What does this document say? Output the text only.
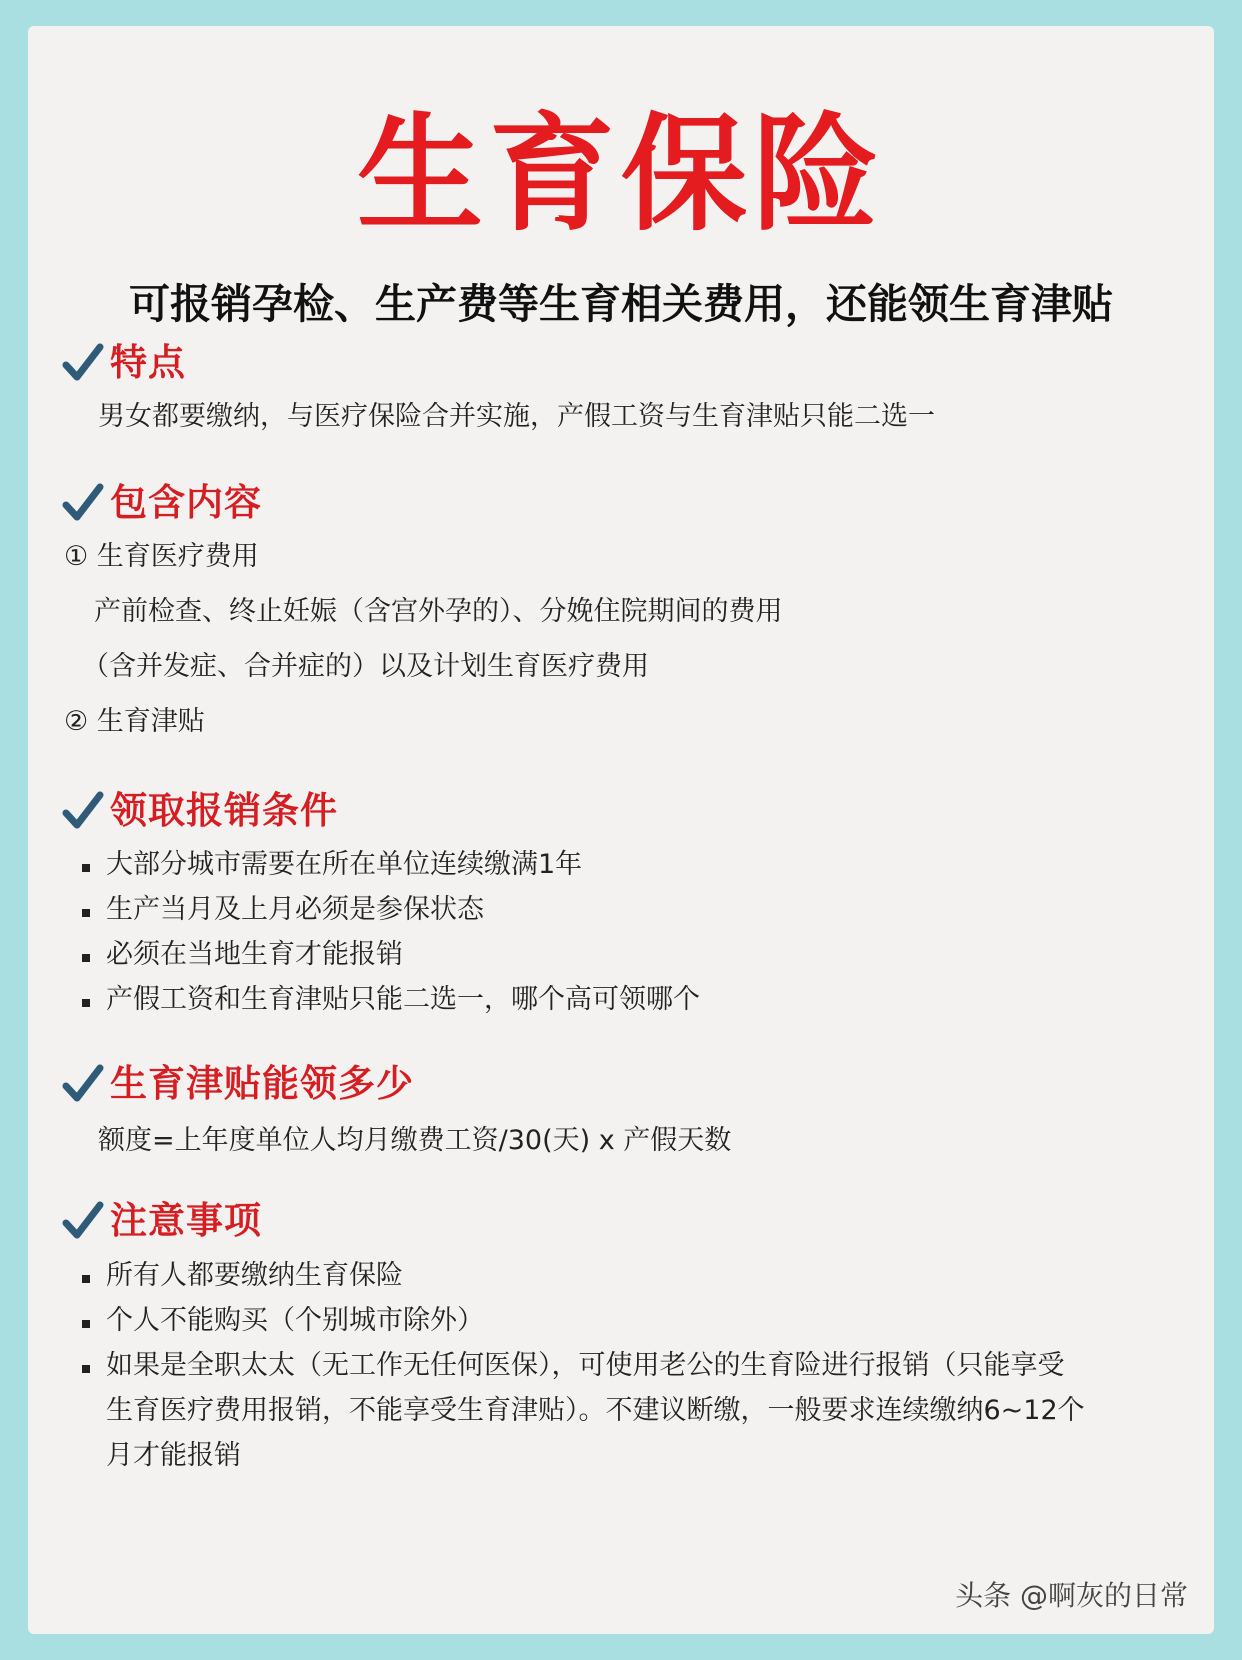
生育保险
可报销孕检、生产费等生育相关费用，还能领生育津贴
特点
男女都要缴纳，与医疗保险合并实施，产假工资与生育津贴只能二选一
包含内容
① 生育医疗费用
产前检查、终止妊娠（含宫外孕的）、分娩住院期间的费用
（含并发症、合并症的）以及计划生育医疗费用
② 生育津贴
领取报销条件
大部分城市需要在所在单位连续缴满1年
生产当月及上月必须是参保状态
必须在当地生育才能报销
产假工资和生育津贴只能二选一，哪个高可领哪个
生育津贴能领多少
额度=上年度单位人均月缴费工资/30(天) x 产假天数
注意事项
所有人都要缴纳生育保险
个人不能购买（个别城市除外）
如果是全职太太（无工作无任何医保），可使用老公的生育险进行报销（只能享受
生育医疗费用报销，不能享受生育津贴）。不建议断缴，一般要求连续缴纳6~12个
月才能报销
头条 @啊灰的日常
